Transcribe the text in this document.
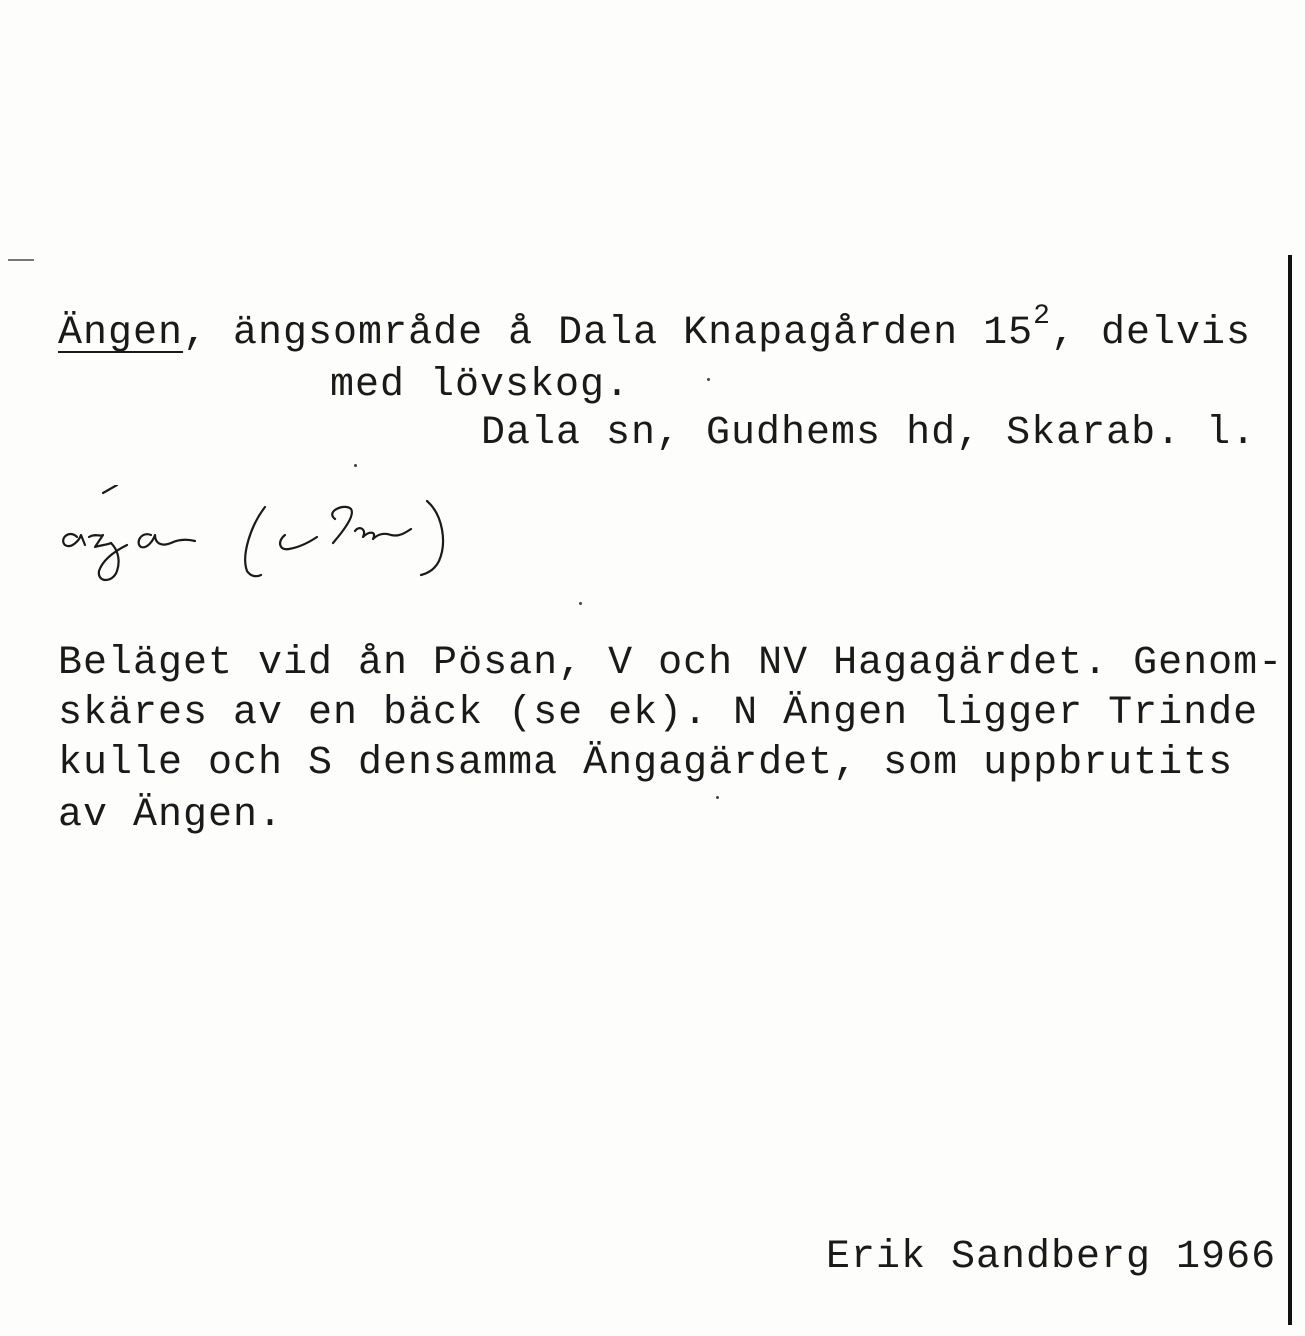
Ängen, ängsområde å Dala Knapagården $15^2$, delvis
med lövskog.
Dala sn, Gudhems hd, Skarab. l.
Beläget vid ån Pösan, V och NV Hagagärdet. Genom-
skäres av en bäck (se ek). N Ängen ligger Trinde
kulle och S densamma Ängagärdet, som uppbrutits
av Ängen.
Erik Sandberg 1966
